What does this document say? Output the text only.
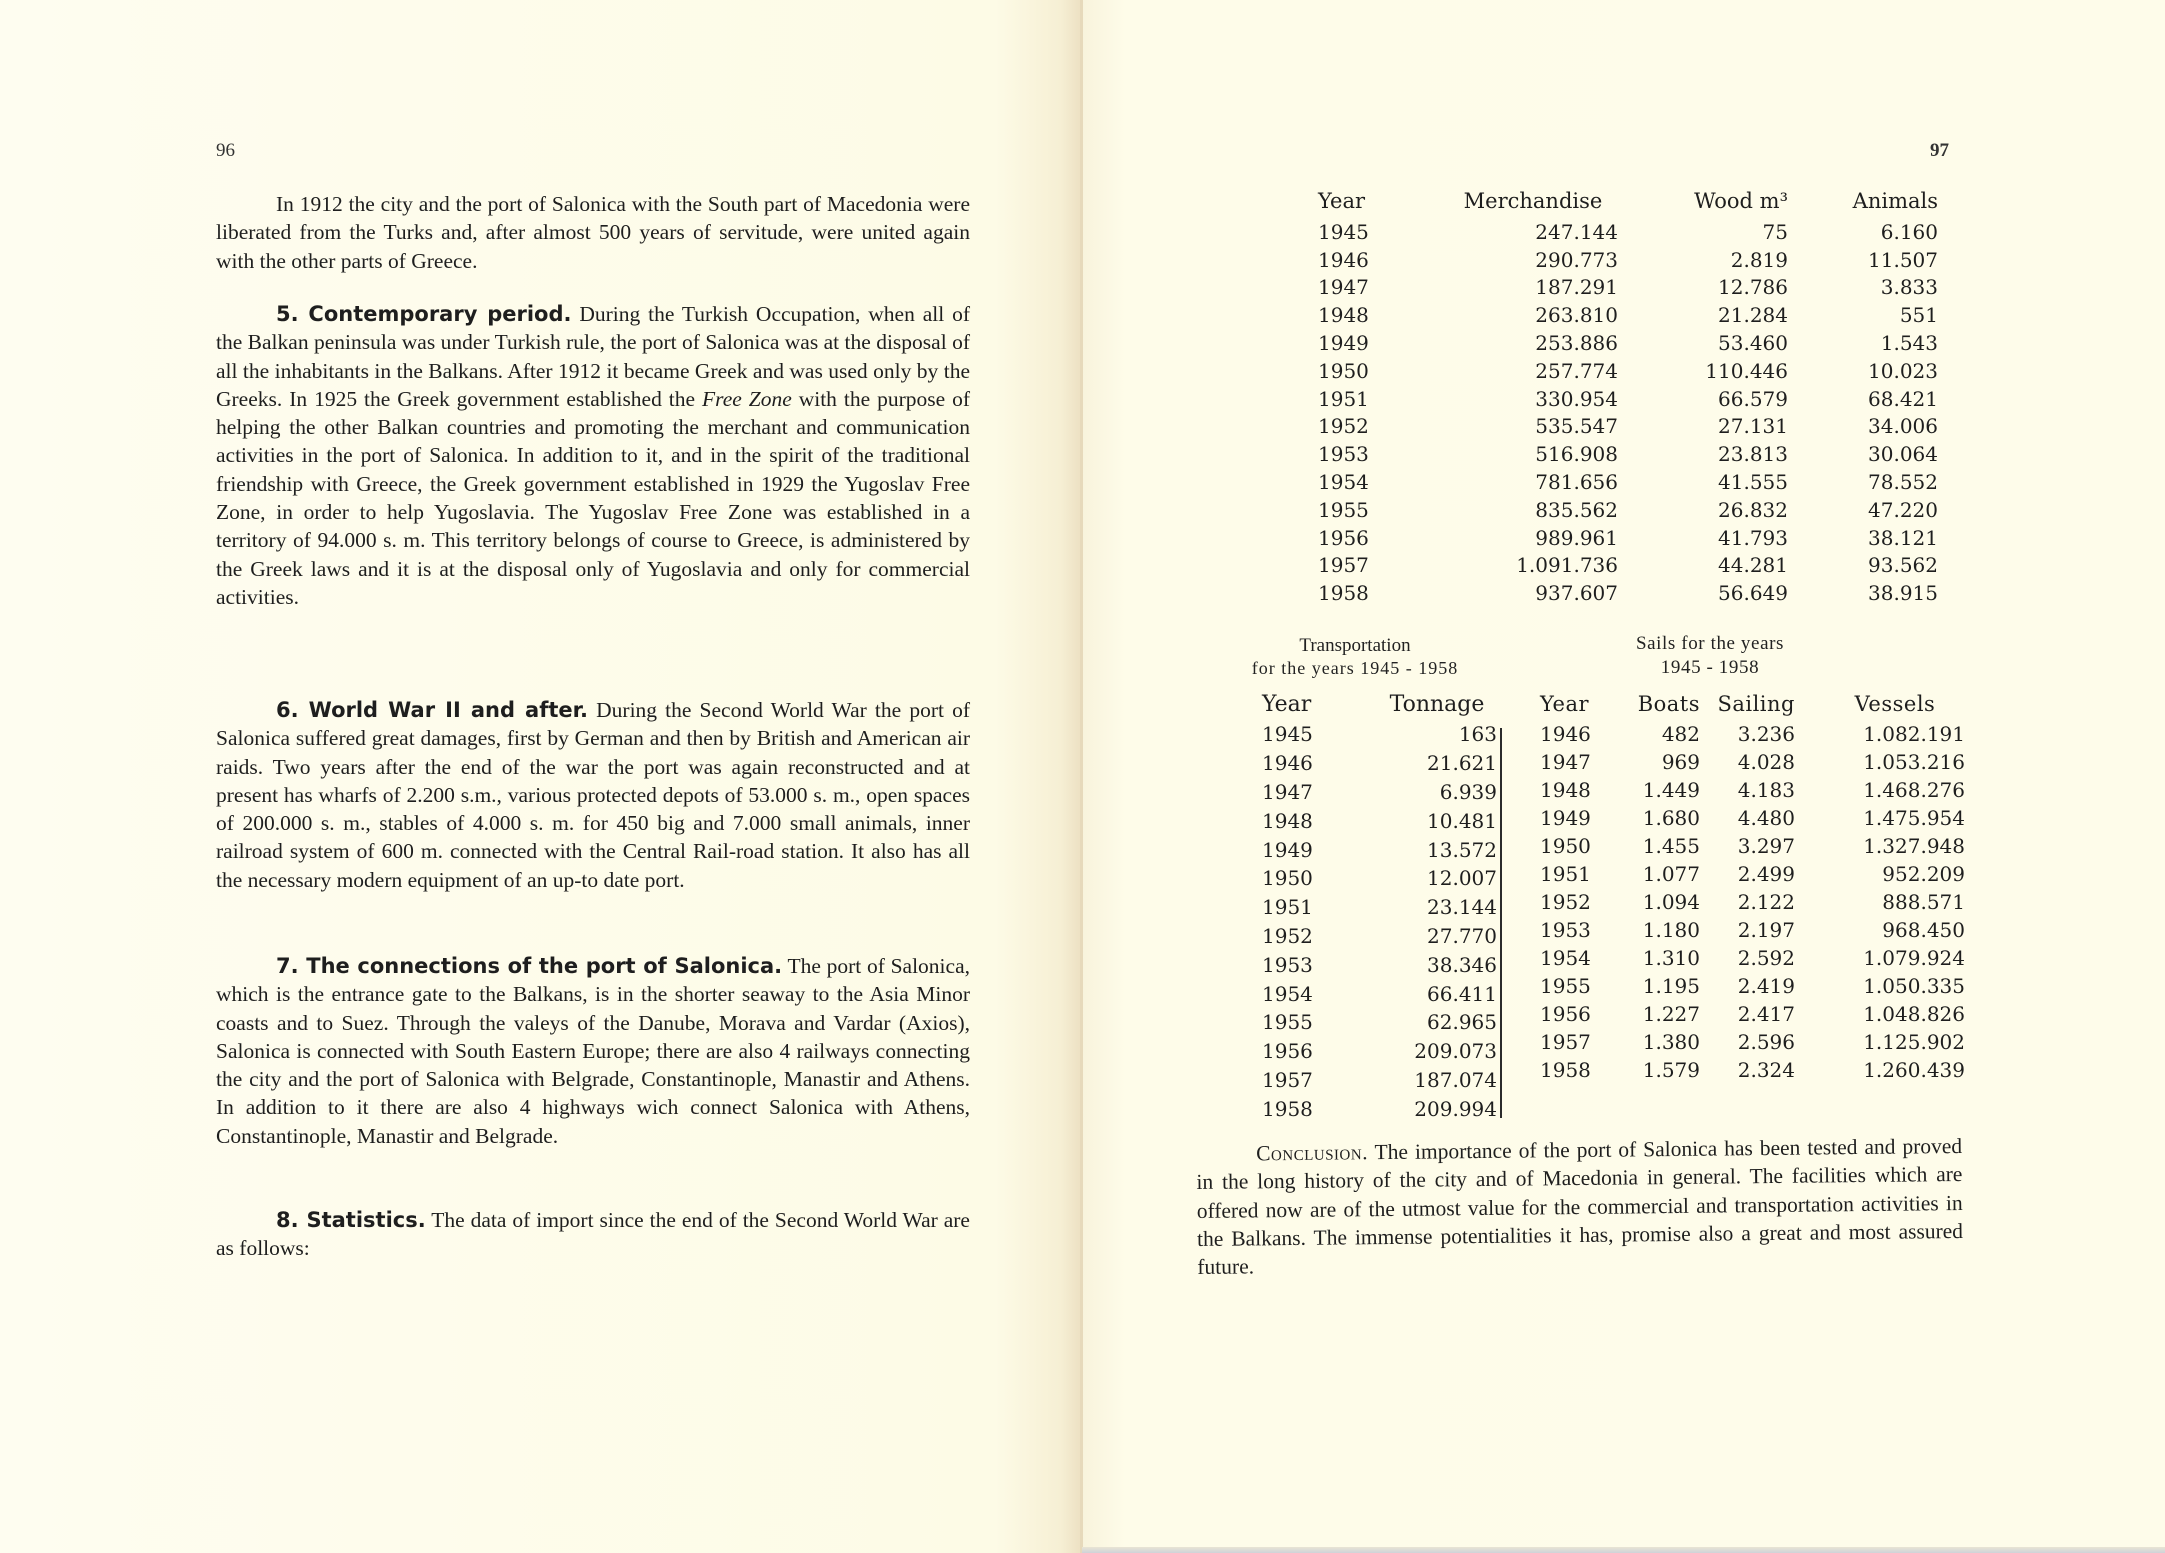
96

In 1912 the city and the port of Salonica with the South part of Macedonia were liberated from the Turks and, after almost 500 years of servitude, were united again with the other parts of Greece.

5. Contemporary period. During the Turkish Occupation, when all of the Balkan peninsula was under Turkish rule, the port of Salonica was at the disposal of all the inhabitants in the Balkans. After 1912 it became Greek and was used only by the Greeks. In 1925 the Greek government established the Free Zone with the purpose of helping the other Balkan countries and promoting the merchant and communication activities in the port of Salonica. In addition to it, and in the spirit of the traditional friendship with Greece, the Greek government established in 1929 the Yugoslav Free Zone, in order to help Yugoslavia. The Yugoslav Free Zone was established in a territory of 94.000 s. m. This territory belongs of course to Greece, is administered by the Greek laws and it is at the disposal only of Yugoslavia and only for commercial activities.

6. World War II and after. During the Second World War the port of Salonica suffered great damages, first by German and then by British and American air raids. Two years after the end of the war the port was again reconstructed and at present has wharfs of 2.200 s.m., various protected depots of 53.000 s. m., open spaces of 200.000 s. m., stables of 4.000 s. m. for 450 big and 7.000 small animals, inner railroad system of 600 m. connected with the Central Rail-road station. It also has all the necessary modern equipment of an up-to date port.

7. The connections of the port of Salonica. The port of Salonica, which is the entrance gate to the Balkans, is in the shorter seaway to the Asia Minor coasts and to Suez. Through the valeys of the Danube, Morava and Vardar (Axios), Salonica is connected with South Eastern Europe; there are also 4 railways connecting the city and the port of Salonica with Belgrade, Constantinople, Manastir and Athens. In addition to it there are also 4 highways wich connect Salonica with Athens, Constantinople, Manastir and Belgrade.

8. Statistics. The data of import since the end of the Second World War are as follows:

97
Year	Merchandise	Wood m³	Animals
1945	247.144	75	6.160
1946	290.773	2.819	11.507
1947	187.291	12.786	3.833
1948	263.810	21.284	551
1949	253.886	53.460	1.543
1950	257.774	110.446	10.023
1951	330.954	66.579	68.421
1952	535.547	27.131	34.006
1953	516.908	23.813	30.064
1954	781.656	41.555	78.552
1955	835.562	26.832	47.220
1956	989.961	41.793	38.121
1957	1.091.736	44.281	93.562
1958	937.607	56.649	38.915
Transportation
for the years 1945 - 1958
Year	Tonnage
1945	163
1946	21.621
1947	6.939
1948	10.481
1949	13.572
1950	12.007
1951	23.144
1952	27.770
1953	38.346
1954	66.411
1955	62.965
1956	209.073
1957	187.074
1958	209.994
Sails for the years
1945 - 1958
Year	Boats	Sailing	Vessels
1946	482	3.236	1.082.191
1947	969	4.028	1.053.216
1948	1.449	4.183	1.468.276
1949	1.680	4.480	1.475.954
1950	1.455	3.297	1.327.948
1951	1.077	2.499	952.209
1952	1.094	2.122	888.571
1953	1.180	2.197	968.450
1954	1.310	2.592	1.079.924
1955	1.195	2.419	1.050.335
1956	1.227	2.417	1.048.826
1957	1.380	2.596	1.125.902
1958	1.579	2.324	1.260.439

Conclusion. The importance of the port of Salonica has been tested and proved in the long history of the city and of Macedonia in general. The facilities which are offered now are of the utmost value for the commercial and transportation activities in the Balkans. The immense potentialities it has, promise also a great and most assured future.
